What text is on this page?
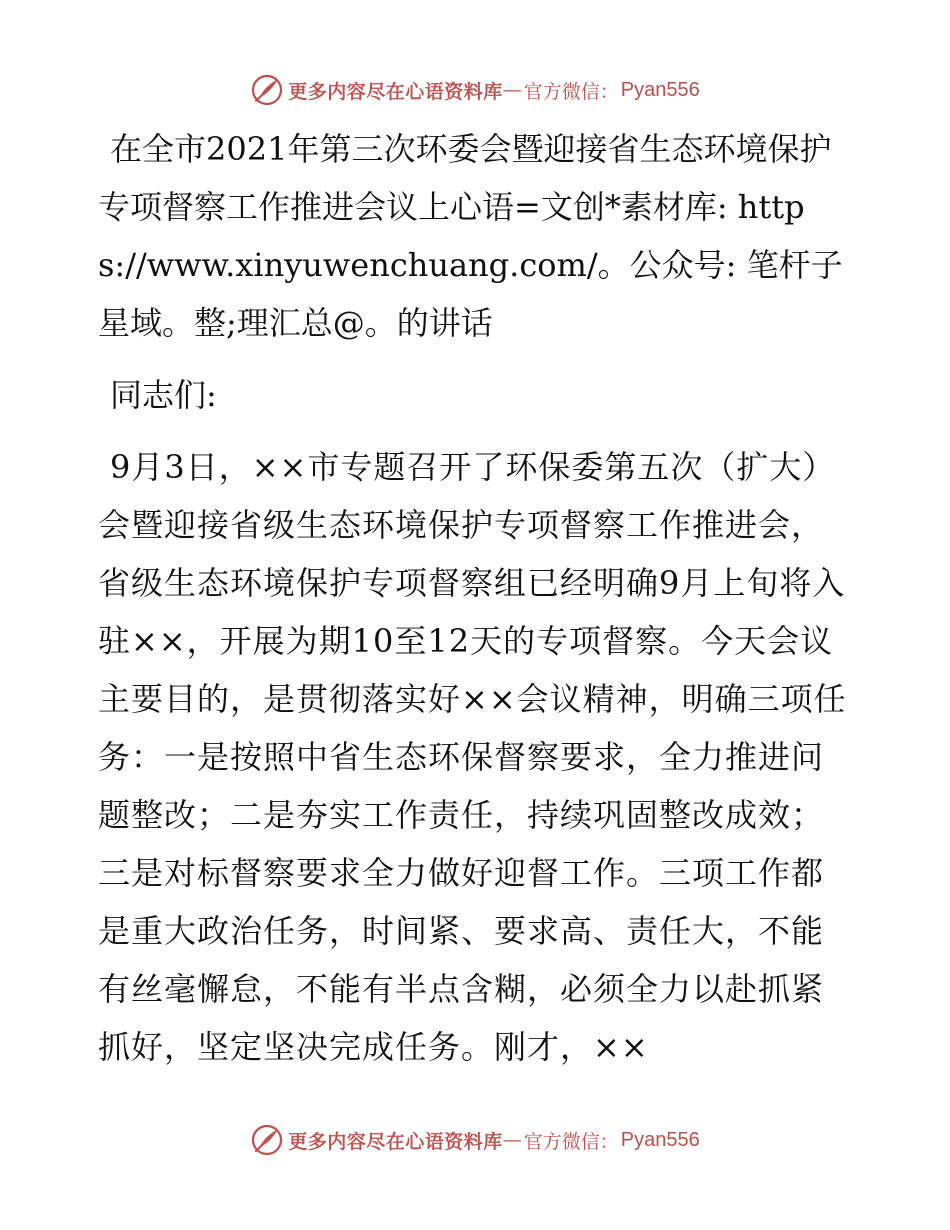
更多内容尽在心语资料库 — 官方微信： Pyan556

在全市2021年第三次环委会暨迎接省生态环境保护专项督察工作推进会议上心语=文创*素材库: https://www.xinyuwenchuang.com/。公众号: 笔杆子星域。整;理汇总@。的讲话

同志们:

9月3日，××市专题召开了环保委第五次（扩大）会暨迎接省级生态环境保护专项督察工作推进会，省级生态环境保护专项督察组已经明确9月上旬将入驻××，开展为期10至12天的专项督察。今天会议主要目的，是贯彻落实好××会议精神，明确三项任务：一是按照中省生态环保督察要求，全力推进问题整改；二是夯实工作责任，持续巩固整改成效；三是对标督察要求全力做好迎督工作。三项工作都是重大政治任务，时间紧、要求高、责任大，不能有丝毫懈怠，不能有半点含糊，必须全力以赴抓紧抓好，坚定坚决完成任务。刚才，××

更多内容尽在心语资料库 — 官方微信： Pyan556
